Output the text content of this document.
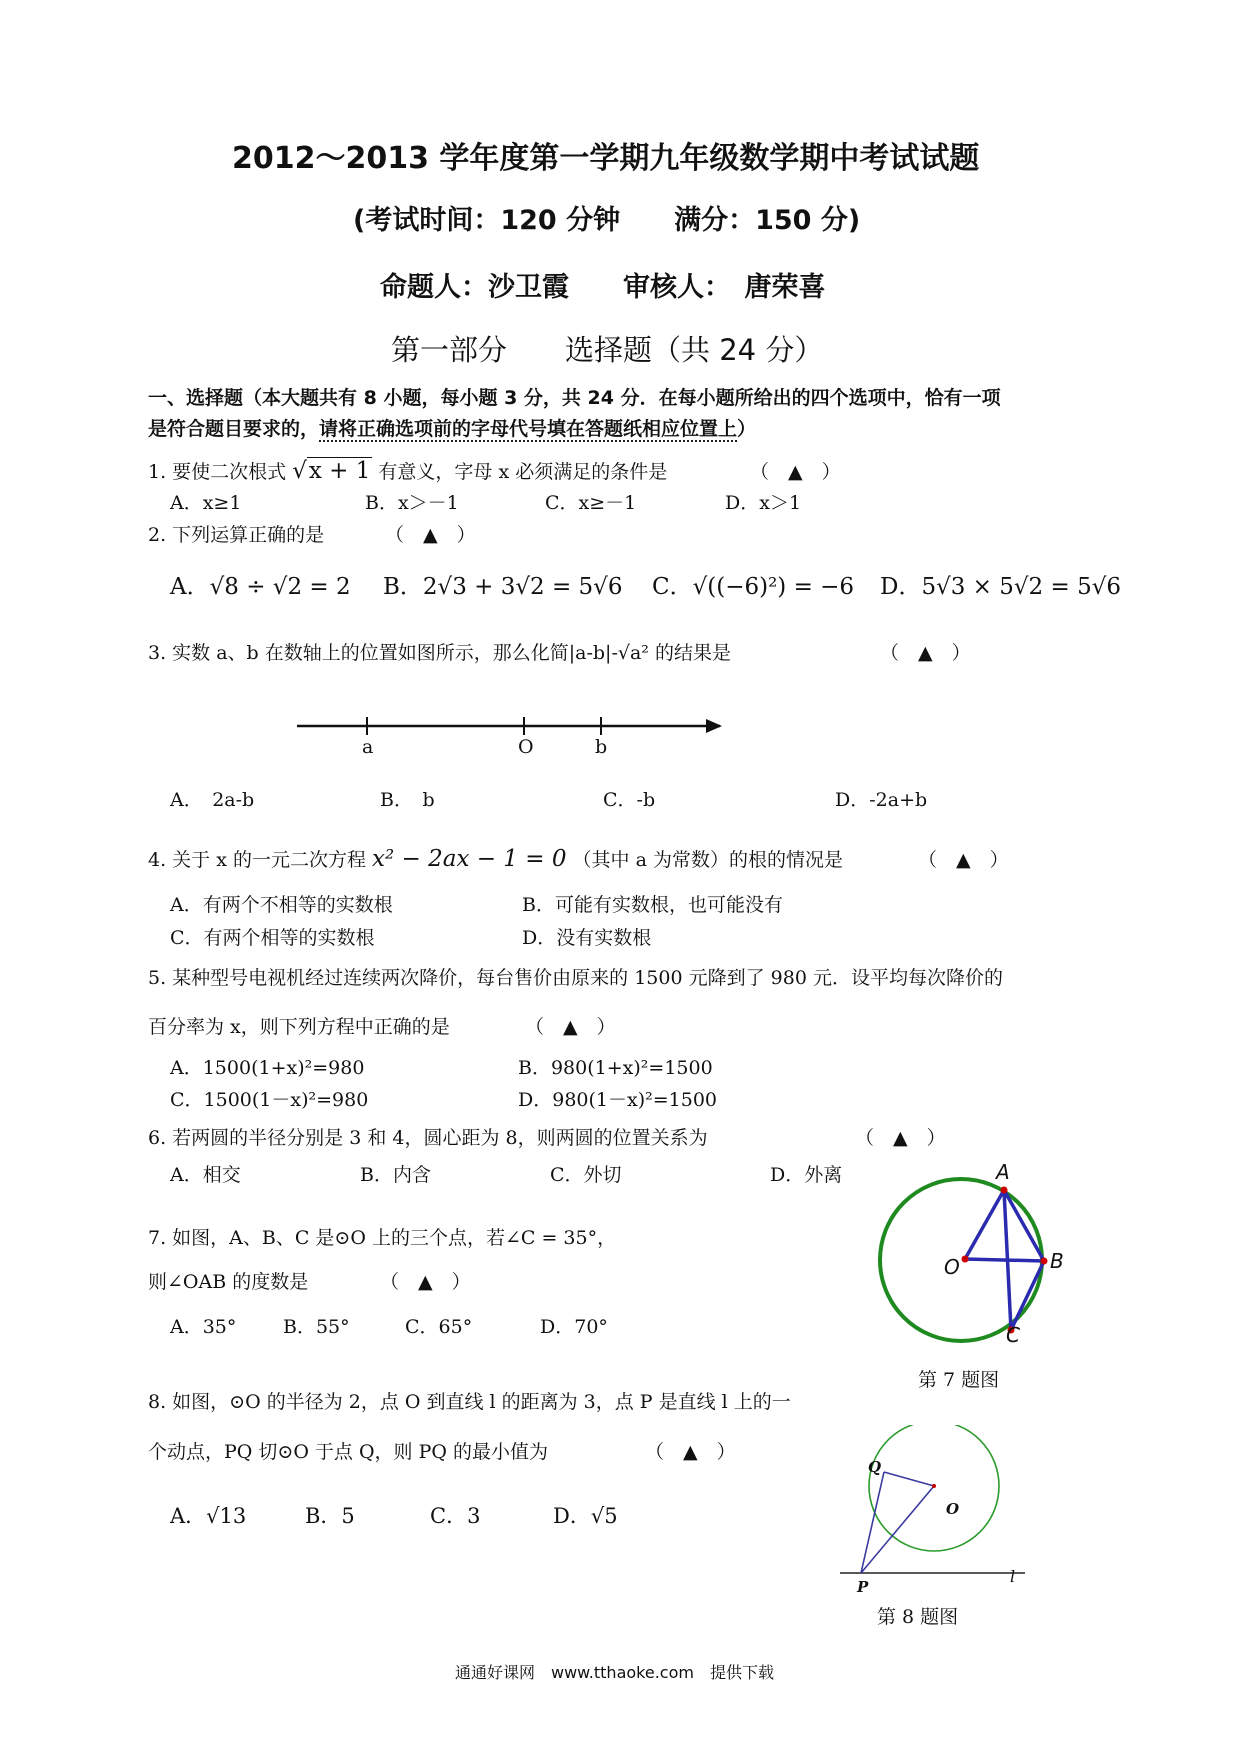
2012～2013 学年度第一学期九年级数学期中考试试题
(考试时间：120 分钟　　满分：150 分)
命题人：沙卫霞　　审核人：　唐荣喜
第一部分　　选择题（共 24 分）
一、选择题（本大题共有 8 小题，每小题 3 分，共 24 分．在每小题所给出的四个选项中，恰有一项
是符合题目要求的，请将正确选项前的字母代号填在答题纸相应位置上）
1. 要使二次根式 √x + 1 有意义，字母 x 必须满足的条件是	（　▲　）
A．x≥1	B．x＞－1	C．x≥－1	D．x＞1
2. 下列运算正确的是	（　▲　）
A．√8 ÷ √2 = 2 B．2√3 + 3√2 = 5√6 C．√((−6)²) = −6 D．5√3 × 5√2 = 5√6
3. 实数 a、b 在数轴上的位置如图所示，那么化简|a-b|-√a² 的结果是	（　▲　）
a	O	b
A．　2a-b	B．　b	C．-b	D．-2a+b
4. 关于 x 的一元二次方程 x² − 2ax − 1 = 0 （其中 a 为常数）的根的情况是	（　▲　）
A．有两个不相等的实数根	B．可能有实数根，也可能没有
C．有两个相等的实数根	D．没有实数根
5. 某种型号电视机经过连续两次降价，每台售价由原来的 1500 元降到了 980 元．设平均每次降价的
百分率为 x，则下列方程中正确的是	（　▲　）
A．1500(1+x)²=980	B．980(1+x)²=1500
C．1500(1－x)²=980	D．980(1－x)²=1500
6. 若两圆的半径分别是 3 和 4，圆心距为 8，则两圆的位置关系为	（　▲　）
A．相交	B．内含	C．外切	D．外离
7. 如图，A、B、C 是⊙O 上的三个点，若∠C = 35°，
则∠OAB 的度数是	（　▲　）
A．35° B．55°	C．65°	D．70°
A
B
C
O
第 7 题图
8. 如图，⊙O 的半径为 2，点 O 到直线 l 的距离为 3，点 P 是直线 l 上的一
个动点，PQ 切⊙O 于点 Q，则 PQ 的最小值为	（　▲　）
A．√13	B．5	C．3	D．√5
Q
O
P
l
第 8 题图
通通好课网　www.tthaoke.com　提供下载
